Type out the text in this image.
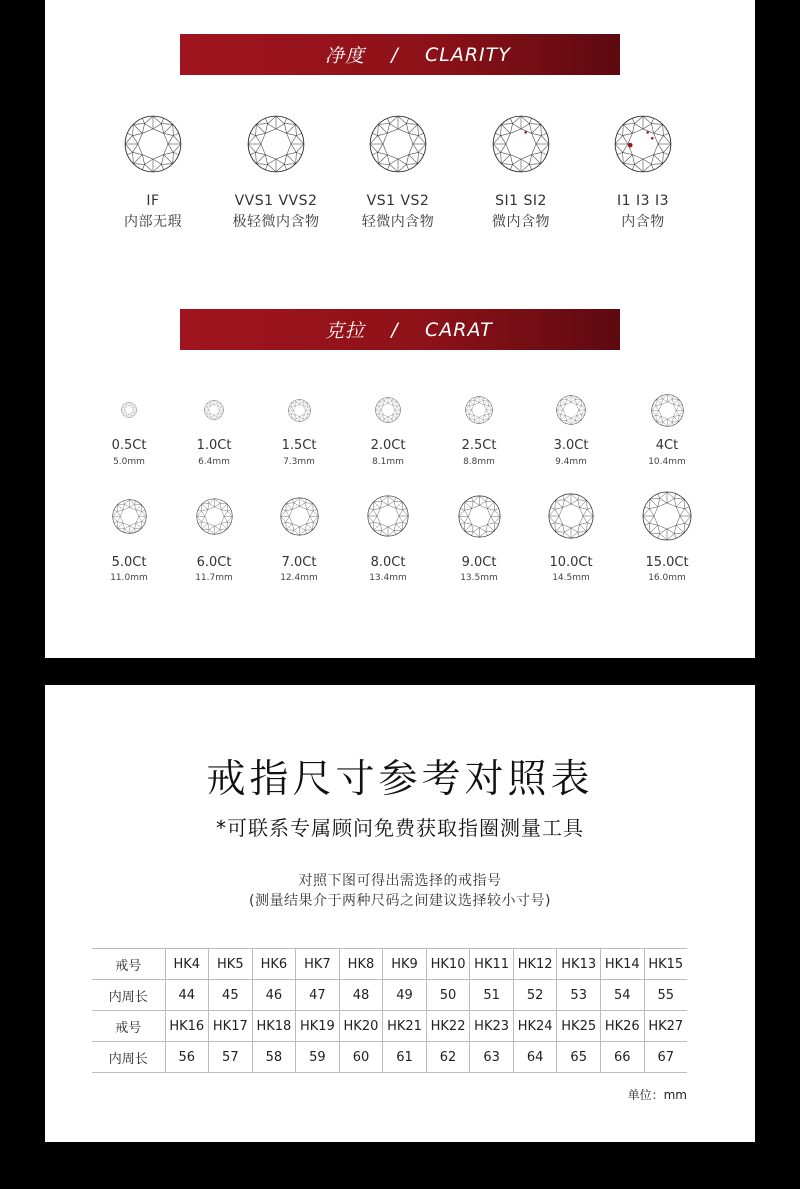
净度	/	CLARITY
IF
内部无瑕
VVS1 VVS2
极轻微内含物
VS1 VS2
轻微内含物
SI1 SI2
微内含物
I1 I3 I3
内含物
克拉	/	CARAT
0.5Ct
5.0mm
1.0Ct
6.4mm
1.5Ct
7.3mm
2.0Ct
8.1mm
2.5Ct
8.8mm
3.0Ct
9.4mm
4Ct
10.4mm
5.0Ct
11.0mm
6.0Ct
11.7mm
7.0Ct
12.4mm
8.0Ct
13.4mm
9.0Ct
13.5mm
10.0Ct
14.5mm
15.0Ct
16.0mm
戒指尺寸参考对照表
*可联系专属顾问免费获取指圈测量工具
对照下图可得出需选择的戒指号
(测量结果介于两种尺码之间建议选择较小寸号)
戒号	HK4	HK5	HK6	HK7	HK8	HK9	HK10	HK11	HK12	HK13	HK14	HK15
内周长	44	45	46	47	48	49	50	51	52	53	54	55
戒号	HK16	HK17	HK18	HK19	HK20	HK21	HK22	HK23	HK24	HK25	HK26	HK27
内周长	56	57	58	59	60	61	62	63	64	65	66	67
单位：mm
